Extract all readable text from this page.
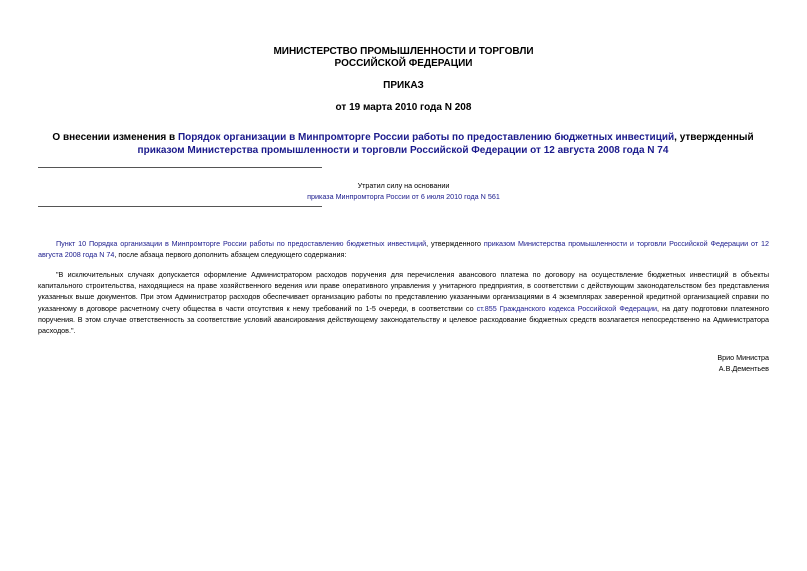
МИНИСТЕРСТВО ПРОМЫШЛЕННОСТИ И ТОРГОВЛИ
РОССИЙСКОЙ ФЕДЕРАЦИИ
ПРИКАЗ
от 19 марта 2010 года N 208
О внесении изменения в Порядок организации в Минпромторге России работы по предоставлению бюджетных инвестиций, утвержденный приказом Министерства промышленности и торговли Российской Федерации от 12 августа 2008 года N 74
Утратил силу на основании
приказа Минпромторга России от 6 июля 2010 года N 561
Пункт 10 Порядка организации в Минпромторге России работы по предоставлению бюджетных инвестиций, утвержденного приказом Министерства промышленности и торговли Российской Федерации от 12 августа 2008 года N 74, после абзаца первого дополнить абзацем следующего содержания:
"В исключительных случаях допускается оформление Администратором расходов поручения для перечисления авансового платежа по договору на осуществление бюджетных инвестиций в объекты капитального строительства, находящиеся на праве хозяйственного ведения или праве оперативного управления у унитарного предприятия, в соответствии с действующим законодательством без представления указанных выше документов. При этом Администратор расходов обеспечивает организацию работы по представлению указанными организациями в 4 экземплярах заверенной кредитной организацией справки по указанному в договоре расчетному счету общества в части отсутствия к нему требований по 1-5 очереди, в соответствии со ст.855 Гражданского кодекса Российской Федерации, на дату подготовки платежного поручения. В этом случае ответственность за соответствие условий авансирования действующему законодательству и целевое расходование бюджетных средств возлагается непосредственно на Администратора расходов.".
Врио Министра
А.В.Дементьев
